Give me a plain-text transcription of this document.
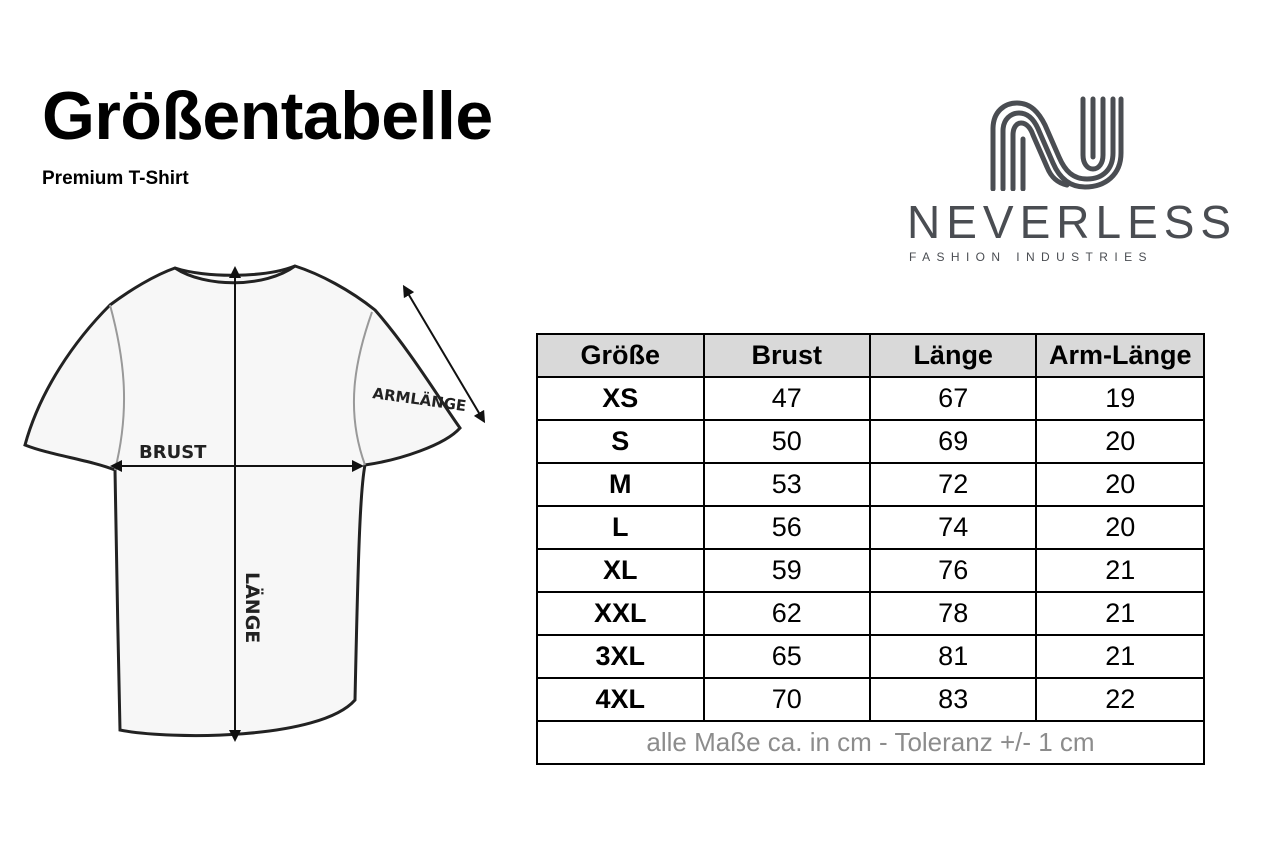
Größentabelle
Premium T-Shirt
NEVERLESS
FASHION INDUSTRIES
ARMLÄNGE
BRUST
LÄNGE
Größe	Brust	Länge	Arm-Länge
XS	47	67	19
S	50	69	20
M	53	72	20
L	56	74	20
XL	59	76	21
XXL	62	78	21
3XL	65	81	21
4XL	70	83	22
alle Maße ca. in cm - Toleranz +/- 1 cm			
